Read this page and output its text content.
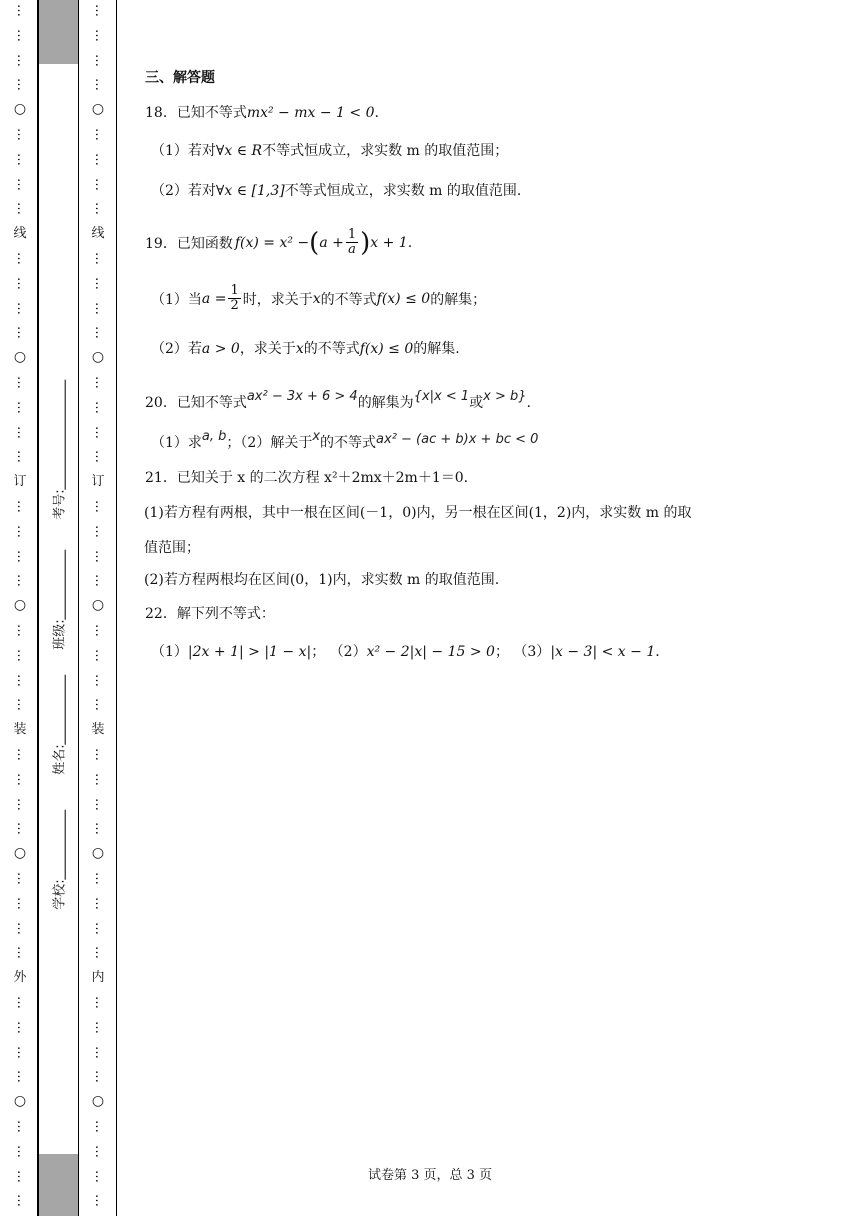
学校:
姓名:
班级:
考号:
…
…
…
…
○
…
…
…
…
线
…
…
…
…
○
…
…
…
…
订
…
…
…
…
○
…
…
…
…
装
…
…
…
…
○
…
…
…
…
外
…
…
…
…
○
…
…
…
…
…
…
…
…
○
…
…
…
…
线
…
…
…
…
○
…
…
…
…
订
…
…
…
…
○
…
…
…
…
装
…
…
…
…
○
…
…
…
…
内
…
…
…
…
○
…
…
…
…
三、解答题
18．已知不等式mx² − mx − 1 < 0.
（1）若对∀x ∈ R不等式恒成立，求实数 m 的取值范围；
（2）若对∀x ∈ [1,3]不等式恒成立，求实数 m 的取值范围.
19．已知函数 f(x) = x² − ( $a + \frac{1}{a}$ ) x + 1 .
（1）当 $a = \frac{1}{2}$ 时，求关于 x 的不等式 f(x) ≤ 0 的解集；
（2）若a > 0，求关于x的不等式f(x) ≤ 0的解集.
20．已知不等式ax² − 3x + 6 > 4的解集为{x|x < 1或x > b}.
（1）求a, b；（2）解关于x的不等式ax² − (ac + b)x + bc < 0
21．已知关于 x 的二次方程 x²＋2mx＋2m＋1＝0.
(1)若方程有两根，其中一根在区间(－1，0)内，另一根在区间(1，2)内，求实数 m 的取
值范围；
(2)若方程两根均在区间(0，1)内，求实数 m 的取值范围.
22．解下列不等式：
（1）|2x + 1| > |1 − x|； （2）x² − 2|x| − 15 > 0； （3）|x − 3| < x − 1.
试卷第 3 页，总 3 页
